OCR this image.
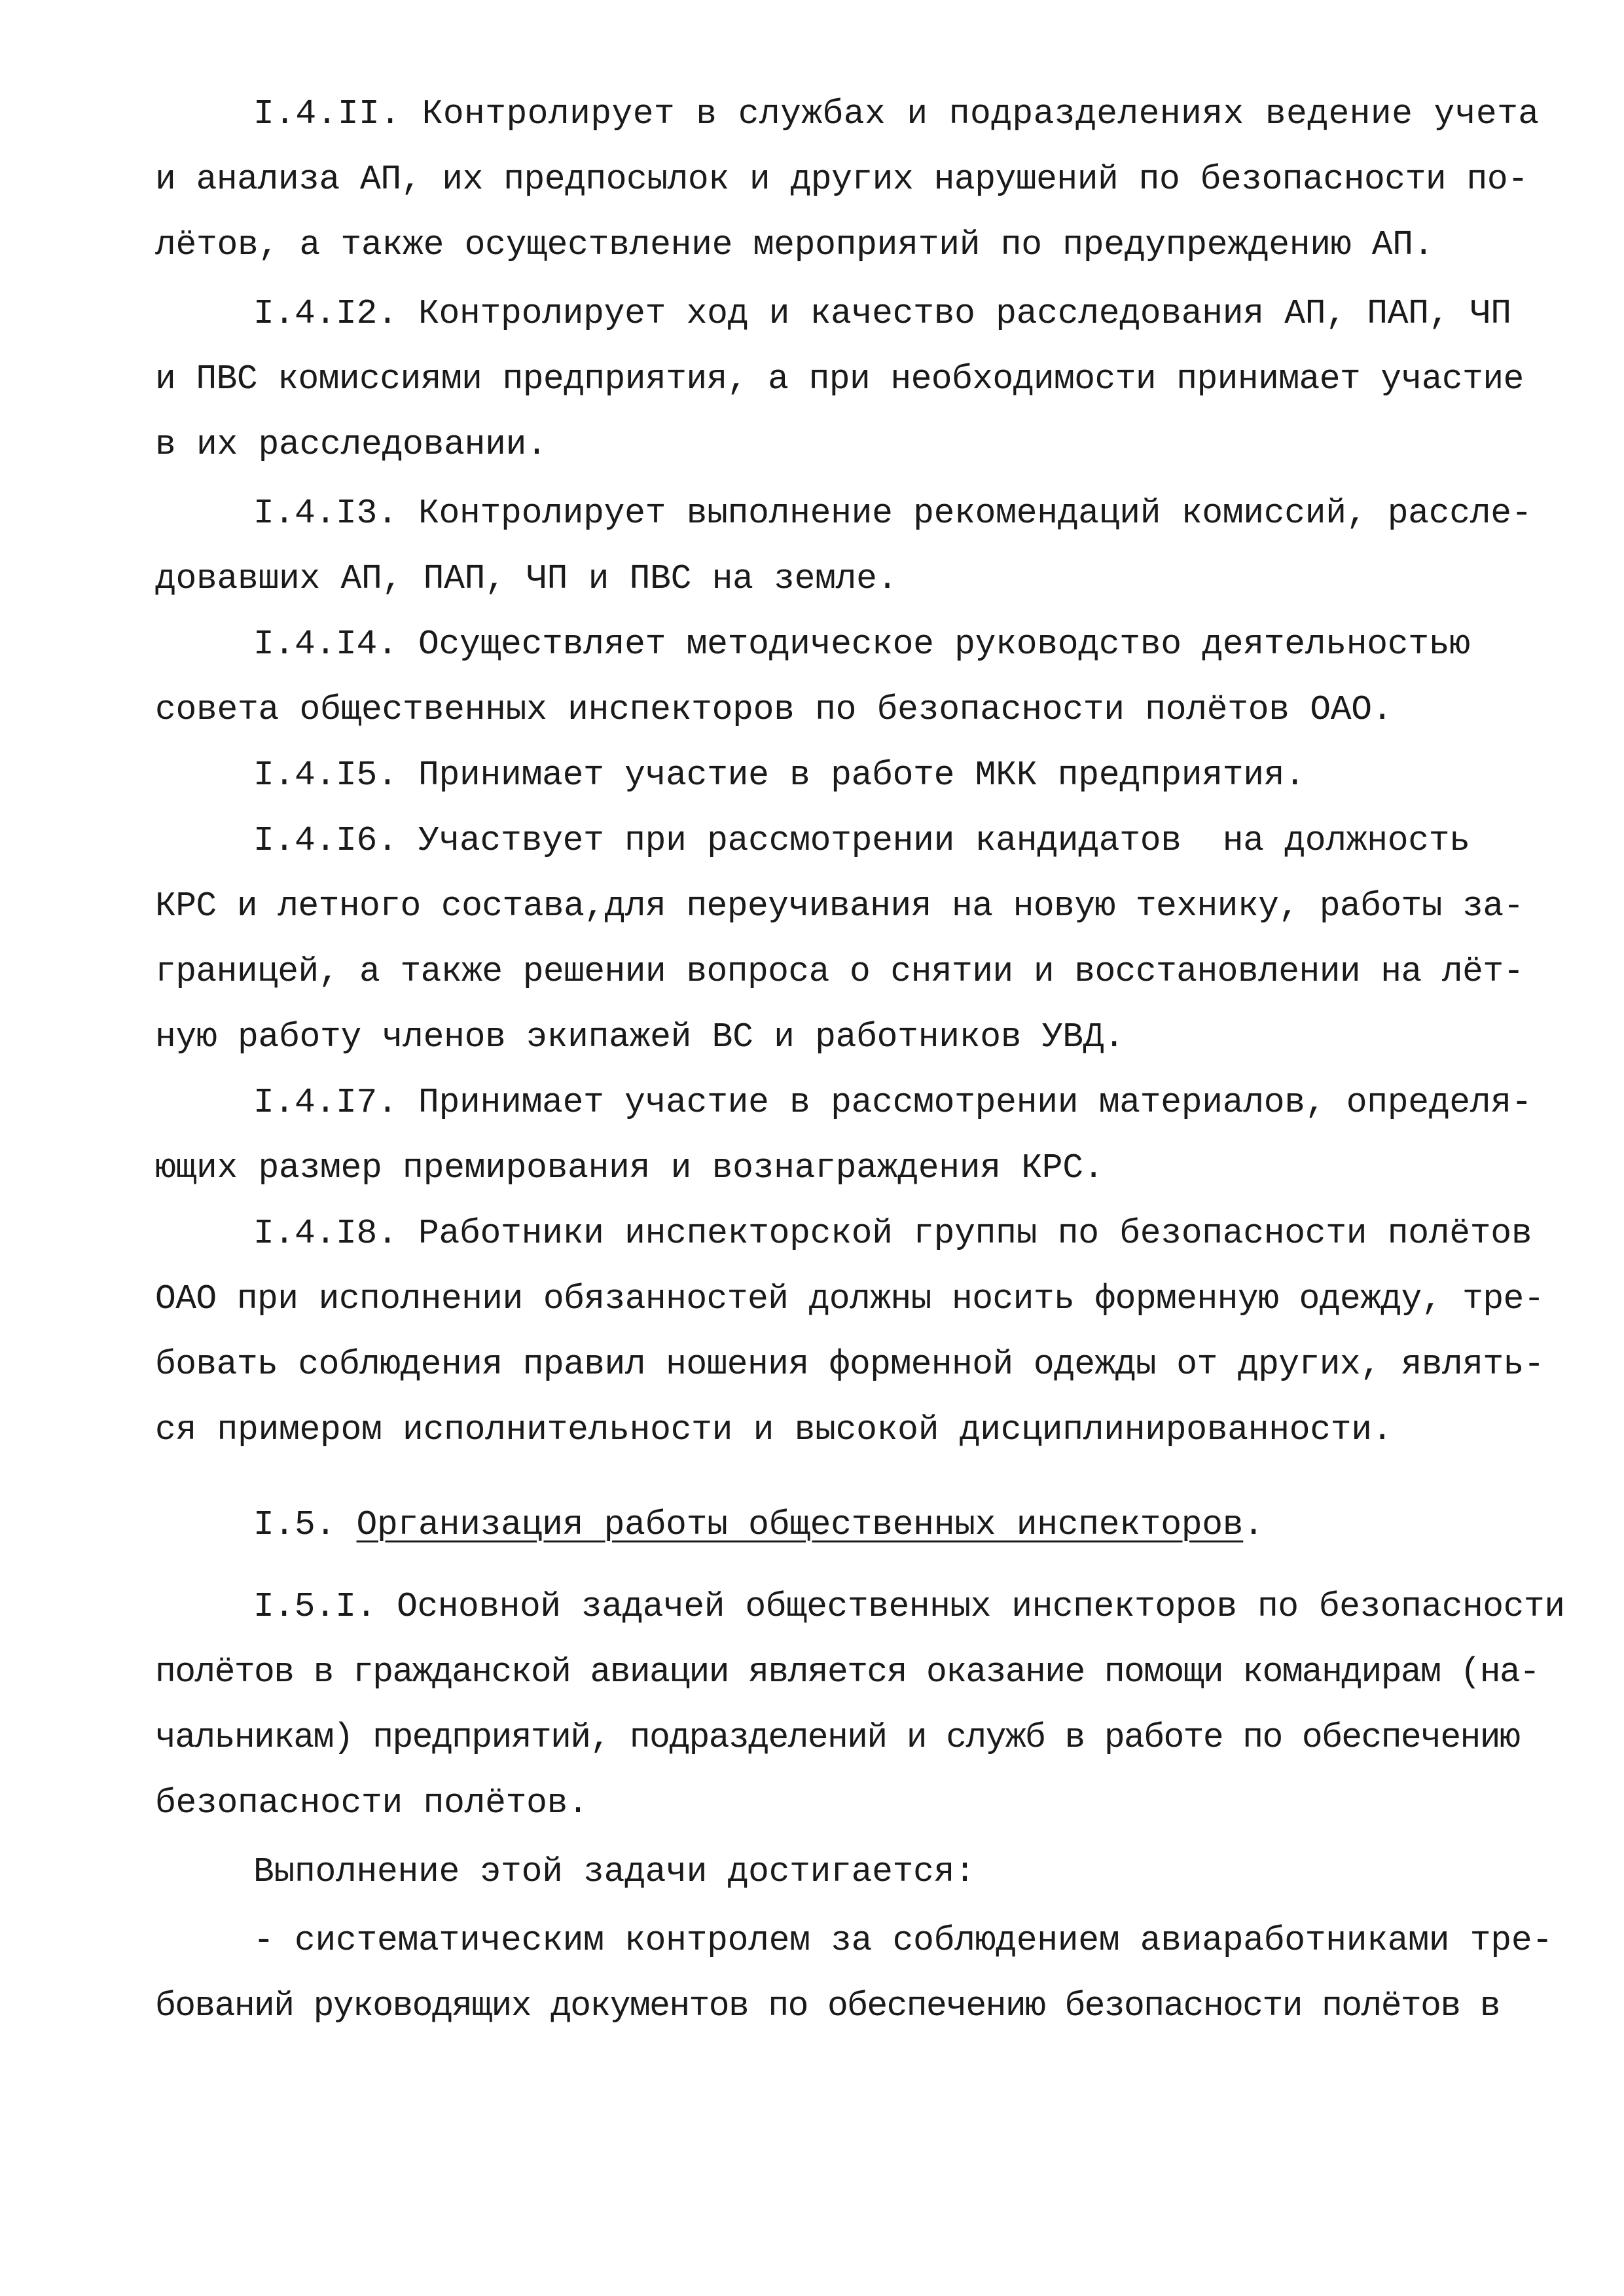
I.4.II. Контролирует в службах и подразделениях ведение учета

и анализа АП, их предпосылок и других нарушений по безопасности по-

лётов, а также осуществление мероприятий по предупреждению АП.

I.4.I2. Контролирует ход и качество расследования АП, ПАП, ЧП

и ПВС комиссиями предприятия, а при необходимости принимает участие

в их расследовании.

I.4.I3. Контролирует выполнение рекомендаций комиссий, рассле-

довавших АП, ПАП, ЧП и ПВС на земле.

I.4.I4. Осуществляет методическое руководство деятельностью

совета общественных инспекторов по безопасности полётов ОАО.

I.4.I5. Принимает участие в работе МКК предприятия.

I.4.I6. Участвует при рассмотрении кандидатов  на должность

КРС и летного состава,для переучивания на новую технику, работы за-

границей, а также решении вопроса о снятии и восстановлении на лёт-

ную работу членов экипажей ВС и работников УВД.

I.4.I7. Принимает участие в рассмотрении материалов, определя-

ющих размер премирования и вознаграждения КРС.

I.4.I8. Работники инспекторской группы по безопасности полётов

ОАО при исполнении обязанностей должны носить форменную одежду, тре-

бовать соблюдения правил ношения форменной одежды от других, являть-

ся примером исполнительности и высокой дисциплинированности.

I.5. Организация работы общественных инспекторов.

I.5.I. Основной задачей общественных инспекторов по безопасности

полётов в гражданской авиации является оказание помощи командирам (на-

чальникам) предприятий, подразделений и служб в работе по обеспечению

безопасности полётов.

Выполнение этой задачи достигается:

- систематическим контролем за соблюдением авиаработниками тре-

бований руководящих документов по обеспечению безопасности полётов в
